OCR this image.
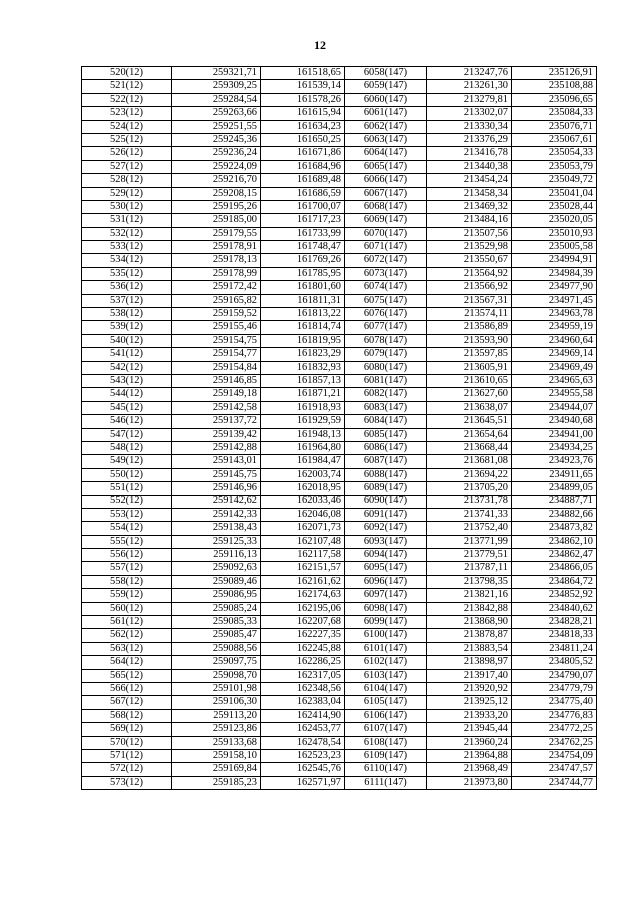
12
520(12)	259321,71	161518,65	6058(147)	213247,76	235126,91
521(12)	259309,25	161539,14	6059(147)	213261,30	235108,88
522(12)	259284,54	161578,26	6060(147)	213279,81	235096,65
523(12)	259263,66	161615,94	6061(147)	213302,07	235084,33
524(12)	259251,55	161634,23	6062(147)	213330,34	235076,71
525(12)	259245,36	161650,25	6063(147)	213376,29	235067,61
526(12)	259236,24	161671,86	6064(147)	213416,78	235054,33
527(12)	259224,09	161684,96	6065(147)	213440,38	235053,79
528(12)	259216,70	161689,48	6066(147)	213454,24	235049,72
529(12)	259208,15	161686,59	6067(147)	213458,34	235041,04
530(12)	259195,26	161700,07	6068(147)	213469,32	235028,44
531(12)	259185,00	161717,23	6069(147)	213484,16	235020,05
532(12)	259179,55	161733,99	6070(147)	213507,56	235010,93
533(12)	259178,91	161748,47	6071(147)	213529,98	235005,58
534(12)	259178,13	161769,26	6072(147)	213550,67	234994,91
535(12)	259178,99	161785,95	6073(147)	213564,92	234984,39
536(12)	259172,42	161801,60	6074(147)	213566,92	234977,90
537(12)	259165,82	161811,31	6075(147)	213567,31	234971,45
538(12)	259159,52	161813,22	6076(147)	213574,11	234963,78
539(12)	259155,46	161814,74	6077(147)	213586,89	234959,19
540(12)	259154,75	161819,95	6078(147)	213593,90	234960,64
541(12)	259154,77	161823,29	6079(147)	213597,85	234969,14
542(12)	259154,84	161832,93	6080(147)	213605,91	234969,49
543(12)	259146,85	161857,13	6081(147)	213610,65	234965,63
544(12)	259149,18	161871,21	6082(147)	213627,60	234955,58
545(12)	259142,58	161918,93	6083(147)	213638,07	234944,07
546(12)	259137,72	161929,59	6084(147)	213645,51	234940,68
547(12)	259139,42	161948,13	6085(147)	213654,64	234941,00
548(12)	259142,88	161964,80	6086(147)	213668,44	234934,25
549(12)	259143,01	161984,47	6087(147)	213681,08	234923,76
550(12)	259145,75	162003,74	6088(147)	213694,22	234911,65
551(12)	259146,96	162018,95	6089(147)	213705,20	234899,05
552(12)	259142,62	162033,46	6090(147)	213731,78	234887,71
553(12)	259142,33	162046,08	6091(147)	213741,33	234882,66
554(12)	259138,43	162071,73	6092(147)	213752,40	234873,82
555(12)	259125,33	162107,48	6093(147)	213771,99	234862,10
556(12)	259116,13	162117,58	6094(147)	213779,51	234862,47
557(12)	259092,63	162151,57	6095(147)	213787,11	234866,05
558(12)	259089,46	162161,62	6096(147)	213798,35	234864,72
559(12)	259086,95	162174,63	6097(147)	213821,16	234852,92
560(12)	259085,24	162195,06	6098(147)	213842,88	234840,62
561(12)	259085,33	162207,68	6099(147)	213868,90	234828,21
562(12)	259085,47	162227,35	6100(147)	213878,87	234818,33
563(12)	259088,56	162245,88	6101(147)	213883,54	234811,24
564(12)	259097,75	162286,25	6102(147)	213898,97	234805,52
565(12)	259098,70	162317,05	6103(147)	213917,40	234790,07
566(12)	259101,98	162348,56	6104(147)	213920,92	234779,79
567(12)	259106,30	162383,04	6105(147)	213925,12	234775,40
568(12)	259113,20	162414,90	6106(147)	213933,20	234776,83
569(12)	259123,86	162453,77	6107(147)	213945,44	234772,25
570(12)	259133,68	162478,54	6108(147)	213960,24	234762,25
571(12)	259158,10	162523,23	6109(147)	213964,88	234754,09
572(12)	259169,84	162545,76	6110(147)	213968,49	234747,57
573(12)	259185,23	162571,97	6111(147)	213973,80	234744,77
